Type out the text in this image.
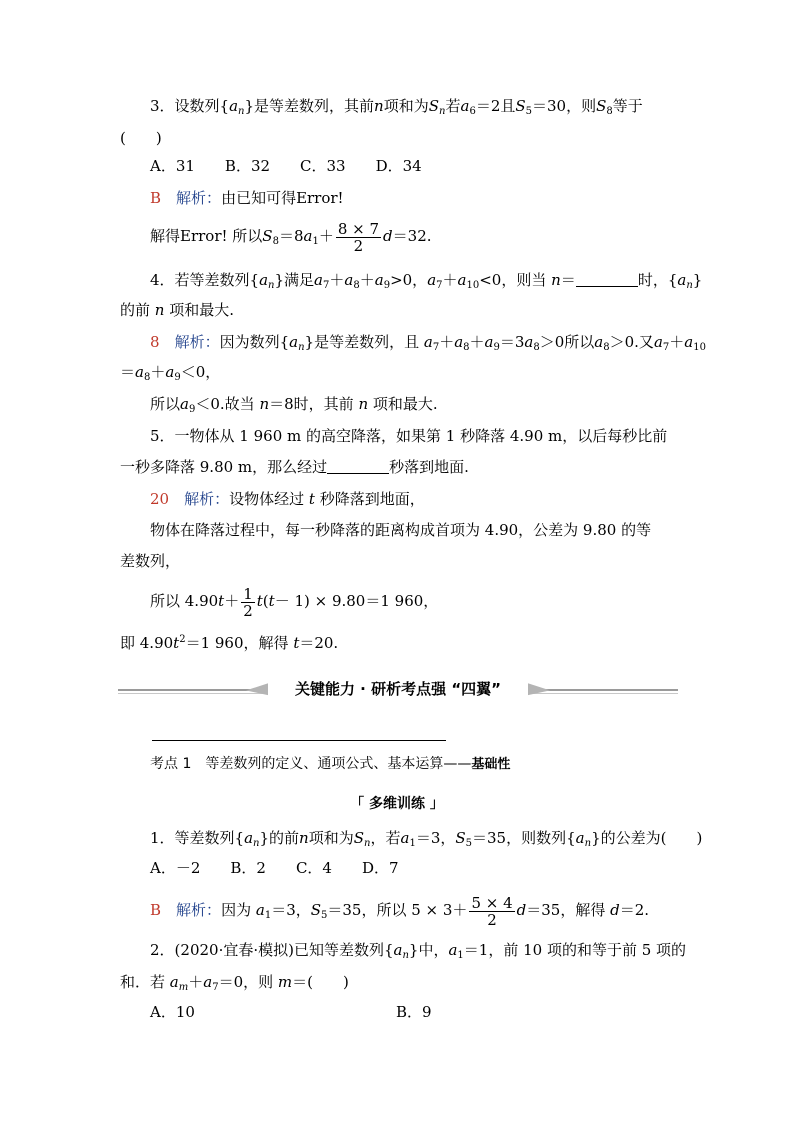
3．设数列$\{a_n\}$是等差数列，其前n项和为$S_n$若$a_6=2$且$S_5=30$，则$S_8$等于
(　　)
A．31　　B．32　　C．33　　D．34
B　 解析：由已知可得Error!
解得Error! 所以$S_8=8a_1+ \frac{8 \times 7}{2} d=32$.
4．若等差数列$\{a_n\}$满足$a_7+a_8+a_9>0$，$a_7+a_{10}<0$，则当 n＝	时，$\{a_n\}$
的前 n 项和最大.
8　 解析：因为数列$\{a_n\}$是等差数列，且 $a_7+a_8+a_9=3a_8>0$所以$a_8>0$.又$a_7+a_{10}$
$=a_8+a_9<0$，
所以$a_9<0$.故当 n＝8时，其前 n 项和最大.
5．一物体从 1 960 m 的高空降落，如果第 1 秒降落 4.90 m，以后每秒比前
一秒多降落 9.80 m，那么经过	秒落到地面.
20　 解析：设物体经过 t 秒降落到地面，
物体在降落过程中，每一秒降落的距离构成首项为 4.90，公差为 9.80 的等
差数列，
所以 $4.90t+ \frac{1}{2} t(t- 1) \times 9.80=1$ 960，
即 $4.90t^2=1$ 960，解得 t＝20.
关键能力 · 研析考点强 “四翼”
考点 1　等差数列的定义、通项公式、基本运算——基础性
「 多维训练 」
1．等差数列$\{a_n\}$的前n项和为$S_n$，若$a_1=3$，$S_5=35$，则数列$\{a_n\}$的公差为(　　)
A．－2　　B．2　　C．4　　D．7
B　 解析：因为 $a_1=3$，$S_5=35$，所以 $5 \times 3+ \frac{5 \times 4}{2} d=35$，解得 d＝2.
2．(2020·宜春·模拟)已知等差数列$\{a_n\}$中，$a_1=1$，前 10 项的和等于前 5 项的
和．若 $a_m+a_7=0$，则 m＝(　　)
A．10	B．9
